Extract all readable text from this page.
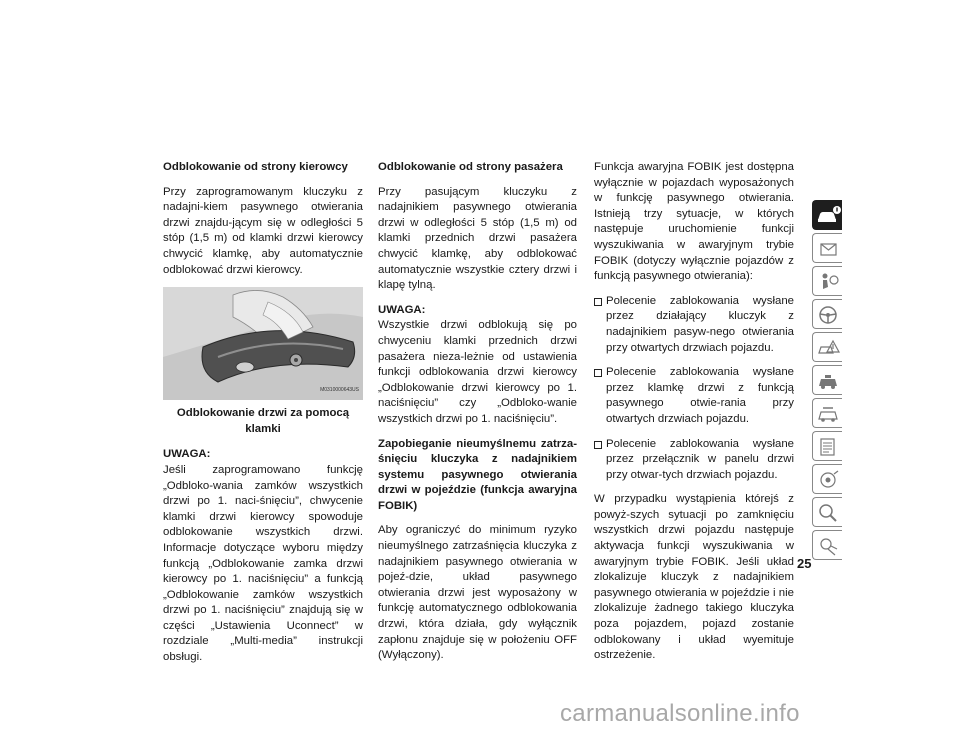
Odblokowanie od strony kierowcy

Przy zaprogramowanym kluczyku z nadajni-kiem pasywnego otwierania drzwi znajdu-jącym się w odległości 5 stóp (1,5 m) od klamki drzwi kierowcy chwycić klamkę, aby automatycznie odblokować drzwi kierowcy.

M0310000643US

Odblokowanie drzwi za pomocą klamki

UWAGA:
Jeśli zaprogramowano funkcję „Odbloko-wania zamków wszystkich drzwi po 1. naci-śnięciu”, chwycenie klamki drzwi kierowcy spowoduje odblokowanie wszystkich drzwi. Informacje dotyczące wyboru między funkcją „Odblokowanie zamka drzwi kierowcy po 1. naciśnięciu” a funkcją „Odblokowanie zamków wszystkich drzwi po 1. naciśnięciu” znajdują się w części „Ustawienia Uconnect” w rozdziale „Multi-media” instrukcji obsługi.

Odblokowanie od strony pasażera

Przy pasującym kluczyku z nadajnikiem pasywnego otwierania drzwi w odległości 5 stóp (1,5 m) od klamki przednich drzwi pasażera chwycić klamkę, aby odblokować automatycznie wszystkie cztery drzwi i klapę tylną.

UWAGA:
Wszystkie drzwi odblokują się po chwyceniu klamki przednich drzwi pasażera nieza-leżnie od ustawienia funkcji odblokowania drzwi kierowcy „Odblokowanie drzwi kierowcy po 1. naciśnięciu” czy „Odbloko-wanie wszystkich drzwi po 1. naciśnięciu”.

Zapobieganie nieumyślnemu zatrza-śnięciu kluczyka z nadajnikiem systemu pasywnego otwierania drzwi w pojeździe (funkcja awaryjna FOBIK)

Aby ograniczyć do minimum ryzyko nieumyślnego zatrzaśnięcia kluczyka z nadajnikiem pasywnego otwierania w pojeź-dzie, układ pasywnego otwierania drzwi jest wyposażony w funkcję automatycznego odblokowania drzwi, która działa, gdy wyłącznik zapłonu znajduje się w położeniu OFF (Wyłączony).

Funkcja awaryjna FOBIK jest dostępna wyłącznie w pojazdach wyposażonych w funkcję pasywnego otwierania. Istnieją trzy sytuacje, w których następuje uruchomienie funkcji wyszukiwania w awaryjnym trybie FOBIK (dotyczy wyłącznie pojazdów z funkcją pasywnego otwierania):

Polecenie zablokowania wysłane przez działający kluczyk z nadajnikiem pasyw-nego otwierania przy otwartych drzwiach pojazdu.
Polecenie zablokowania wysłane przez klamkę drzwi z funkcją pasywnego otwie-rania przy otwartych drzwiach pojazdu.
Polecenie zablokowania wysłane przez przełącznik w panelu drzwi przy otwar-tych drzwiach pojazdu.

W przypadku wystąpienia którejś z powyż-szych sytuacji po zamknięciu wszystkich drzwi pojazdu następuje aktywacja funkcji wyszukiwania w awaryjnym trybie FOBIK. Jeśli układ zlokalizuje kluczyk z nadajnikiem pasywnego otwierania w pojeździe i nie zlokalizuje żadnego takiego kluczyka poza pojazdem, pojazd zostanie odblokowany i układ wyemituje ostrzeżenie.

25
carmanualsonline.info
